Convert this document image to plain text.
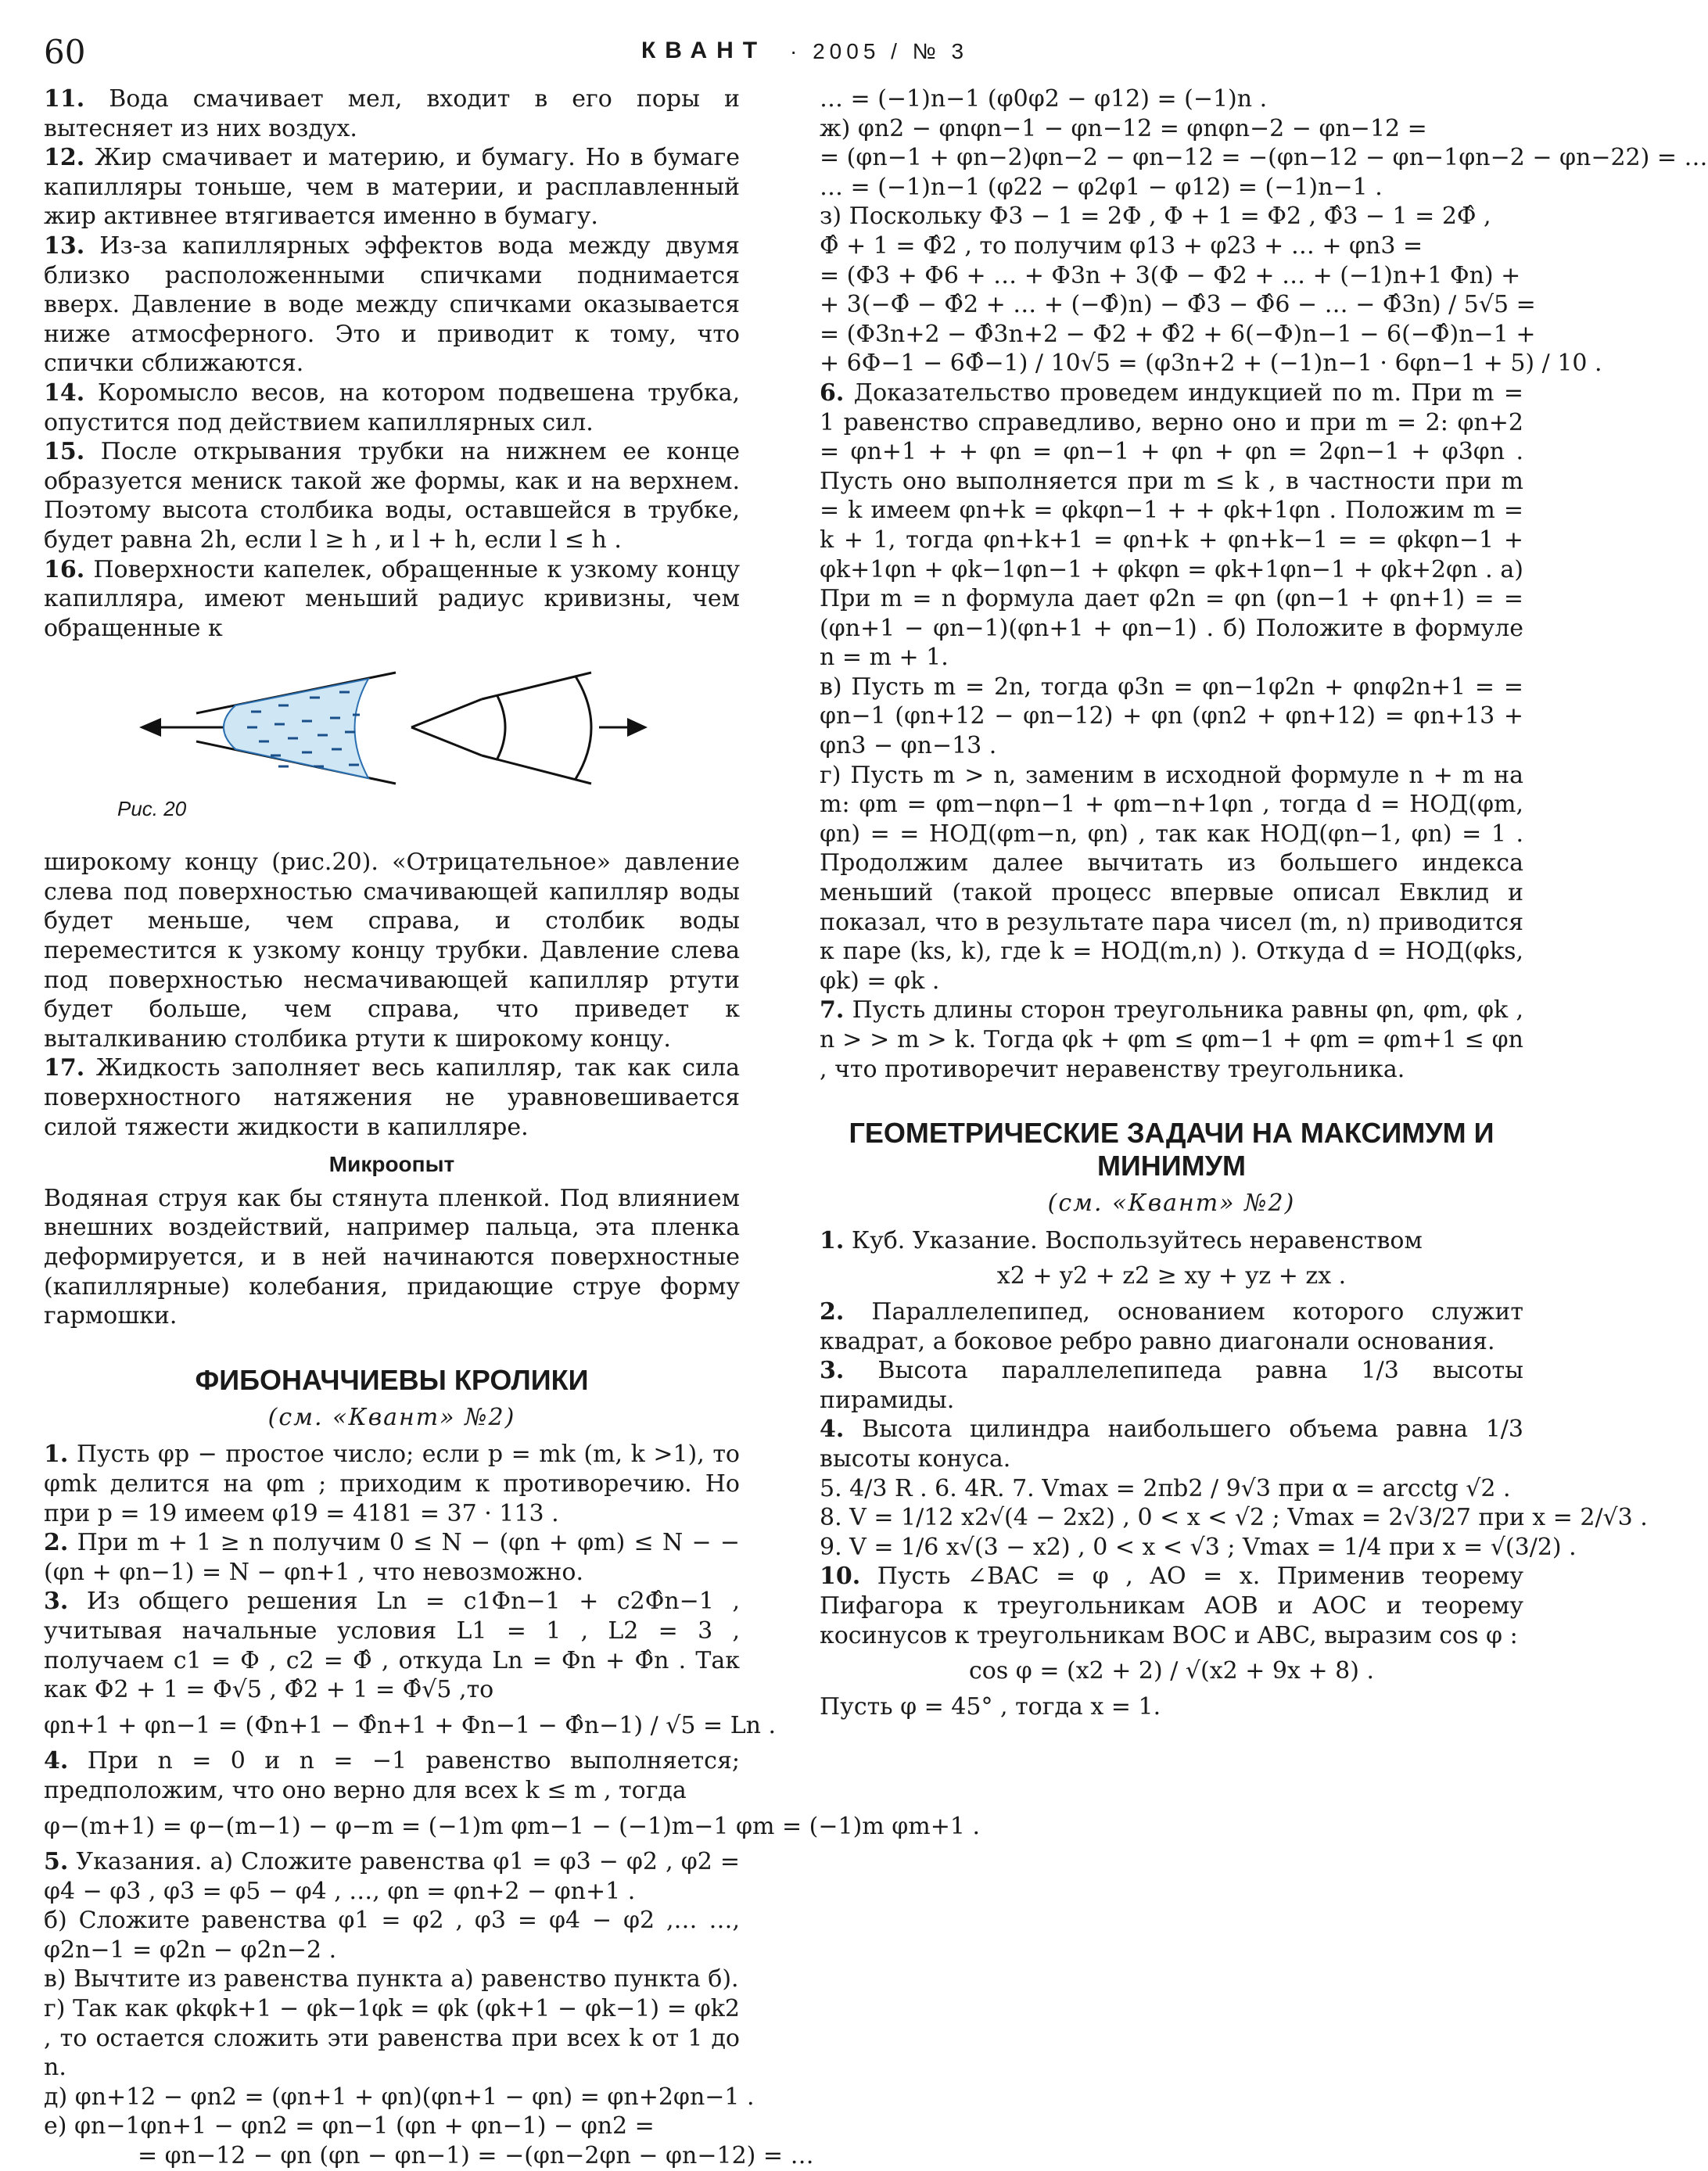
60	КВАНТ · 2005 / № 3

11. Вода смачивает мел, входит в его поры и вытесняет из них воздух.

12. Жир смачивает и материю, и бумагу. Но в бумаге капилляры тоньше, чем в материи, и расплавленный жир активнее втягивается именно в бумагу.

13. Из-за капиллярных эффектов вода между двумя близко расположенными спичками поднимается вверх. Давление в воде между спичками оказывается ниже атмосферного. Это и приводит к тому, что спички сближаются.

14. Коромысло весов, на котором подвешена трубка, опустится под действием капиллярных сил.

15. После открывания трубки на нижнем ее конце образуется мениск такой же формы, как и на верхнем. Поэтому высота столбика воды, оставшейся в трубке, будет равна 2h, если l ≥ h , и l + h, если l ≤ h .

16. Поверхности капелек, обращенные к узкому концу капилляра, имеют меньший радиус кривизны, чем обращенные к

Рис. 20

широкому концу (рис.20). «Отрицательное» давление слева под поверхностью смачивающей капилляр воды будет меньше, чем справа, и столбик воды переместится к узкому концу трубки. Давление слева под поверхностью несмачивающей капилляр ртути будет больше, чем справа, что приведет к выталкиванию столбика ртути к широкому концу.

17. Жидкость заполняет весь капилляр, так как сила поверхностного натяжения не уравновешивается силой тяжести жидкости в капилляре.

Микроопыт

Водяная струя как бы стянута пленкой. Под влиянием внешних воздействий, например пальца, эта пленка деформируется, и в ней начинаются поверхностные (капиллярные) колебания, придающие струе форму гармошки.

ФИБОНАЧЧИЕВЫ КРОЛИКИ
(см. «Квант» №2)

1. Пусть φp − простое число; если p = mk (m, k >1), то φmk делится на φm ; приходим к противоречию. Но при p = 19 имеем φ19 = 4181 = 37 · 113 .

2. При m + 1 ≥ n получим 0 ≤ N − (φn + φm) ≤ N − − (φn + φn−1) = N − φn+1 , что невозможно.

3. Из общего решения Ln = c1Φn−1 + c2Φ̂n−1 , учитывая начальные условия L1 = 1 , L2 = 3 , получаем c1 = Φ , c2 = Φ̂ , откуда Ln = Φn + Φ̂n . Так как Φ2 + 1 = Φ√5 , Φ̂2 + 1 = Φ̂√5 ,то

φn+1 + φn−1 = (Φn+1 − Φ̂n+1 + Φn−1 − Φ̂n−1) / √5 = Ln .

4. При n = 0 и n = −1 равенство выполняется; предположим, что оно верно для всех k ≤ m , тогда

φ−(m+1) = φ−(m−1) − φ−m = (−1)m φm−1 − (−1)m−1 φm = (−1)m φm+1 .

5. Указания. а) Сложите равенства φ1 = φ3 − φ2 , φ2 = φ4 − φ3 , φ3 = φ5 − φ4 , …, φn = φn+2 − φn+1 .

б) Сложите равенства φ1 = φ2 , φ3 = φ4 − φ2 ,… …, φ2n−1 = φ2n − φ2n−2 .

в) Вычтите из равенства пункта а) равенство пункта б).

г) Так как φkφk+1 − φk−1φk = φk (φk+1 − φk−1) = φk2 , то остается сложить эти равенства при всех k от 1 до n.

д) φn+12 − φn2 = (φn+1 + φn)(φn+1 − φn) = φn+2φn−1 .

е) φn−1φn+1 − φn2 = φn−1 (φn + φn−1) − φn2 =

= φn−12 − φn (φn − φn−1) = −(φn−2φn − φn−12) = …

… = (−1)n−1 (φ0φ2 − φ12) = (−1)n .

ж) φn2 − φnφn−1 − φn−12 = φnφn−2 − φn−12 =

= (φn−1 + φn−2)φn−2 − φn−12 = −(φn−12 − φn−1φn−2 − φn−22) = …

… = (−1)n−1 (φ22 − φ2φ1 − φ12) = (−1)n−1 .

з) Поскольку Φ3 − 1 = 2Φ , Φ + 1 = Φ2 , Φ̂3 − 1 = 2Φ̂ ,

Φ̂ + 1 = Φ̂2 , то получим φ13 + φ23 + … + φn3 =

= (Φ3 + Φ6 + … + Φ3n + 3(Φ − Φ2 + … + (−1)n+1 Φn) +

+ 3(−Φ̂ − Φ̂2 + … + (−Φ̂)n) − Φ̂3 − Φ̂6 − … − Φ̂3n) / 5√5 =

= (Φ3n+2 − Φ̂3n+2 − Φ2 + Φ̂2 + 6(−Φ)n−1 − 6(−Φ̂)n−1 +

+ 6Φ−1 − 6Φ̂−1) / 10√5 = (φ3n+2 + (−1)n−1 · 6φn−1 + 5) / 10 .

6. Доказательство проведем индукцией по m. При m = 1 равенство справедливо, верно оно и при m = 2: φn+2 = φn+1 + + φn = φn−1 + φn + φn = 2φn−1 + φ3φn . Пусть оно выполняется при m ≤ k , в частности при m = k имеем φn+k = φkφn−1 + + φk+1φn . Положим m = k + 1, тогда φn+k+1 = φn+k + φn+k−1 = = φkφn−1 + φk+1φn + φk−1φn−1 + φkφn = φk+1φn−1 + φk+2φn . а) При m = n формула дает φ2n = φn (φn−1 + φn+1) = = (φn+1 − φn−1)(φn+1 + φn−1) . б) Положите в формуле n = m + 1.

в) Пусть m = 2n, тогда φ3n = φn−1φ2n + φnφ2n+1 = = φn−1 (φn+12 − φn−12) + φn (φn2 + φn+12) = φn+13 + φn3 − φn−13 .

г) Пусть m > n, заменим в исходной формуле n + m на m: φm = φm−nφn−1 + φm−n+1φn , тогда d = НОД(φm, φn) = = НОД(φm−n, φn) , так как НОД(φn−1, φn) = 1 . Продолжим далее вычитать из большего индекса меньший (такой процесс впервые описал Евклид и показал, что в результате пара чисел (m, n) приводится к паре (ks, k), где k = НОД(m,n) ). Откуда d = НОД(φks, φk) = φk .

7. Пусть длины сторон треугольника равны φn, φm, φk , n > > m > k. Тогда φk + φm ≤ φm−1 + φm = φm+1 ≤ φn , что противоречит неравенству треугольника.

ГЕОМЕТРИЧЕСКИЕ ЗАДАЧИ НА МАКСИМУМ И МИНИМУМ
(см. «Квант» №2)

1. Куб. Указание. Воспользуйтесь неравенством

x2 + y2 + z2 ≥ xy + yz + zx .

2. Параллелепипед, основанием которого служит квадрат, а боковое ребро равно диагонали основания.

3. Высота параллелепипеда равна 1/3 высоты пирамиды.

4. Высота цилиндра наибольшего объема равна 1/3 высоты конуса.

5. 4/3 R . 6. 4R. 7. Vmax = 2πb2 / 9√3 при α = arcctg √2 .

8. V = 1/12 x2√(4 − 2x2) , 0 < x < √2 ; Vmax = 2√3/27 при x = 2/√3 .

9. V = 1/6 x√(3 − x2) , 0 < x < √3 ; Vmax = 1/4 при x = √(3/2) .

10. Пусть ∠BAC = φ , AO = x. Применив теорему Пифагора к треугольникам AOB и AOC и теорему косинусов к треугольникам BOC и ABC, выразим cos φ :

cos φ = (x2 + 2) / √(x2 + 9x + 8) .

Пусть φ = 45° , тогда x = 1.
